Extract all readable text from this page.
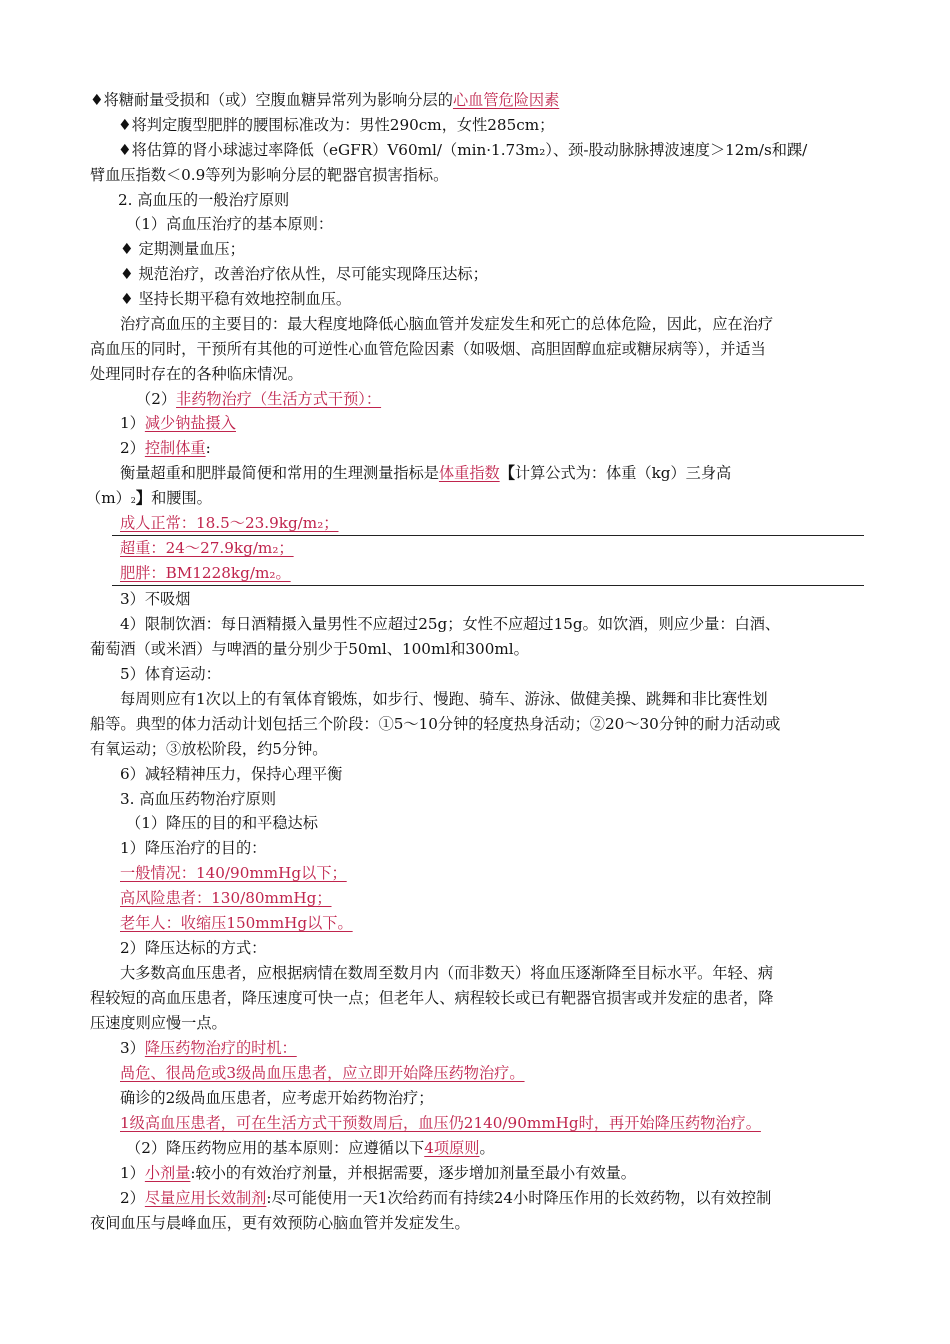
♦将糖耐量受损和（或）空腹血糖异常列为影响分层的心血管危险因素
♦将判定腹型肥胖的腰围标准改为：男性290cm，女性285cm；
♦将估算的肾小球滤过率降低（eGFR）V60ml/（min·1.73m₂）、颈-股动脉脉搏波速度＞12m/s和踝/
臂血压指数＜0.9等列为影响分层的靶器官损害指标。
2. 高血压的一般治疗原则
（1）高血压治疗的基本原则：
♦ 定期测量血压；
♦ 规范治疗，改善治疗依从性，尽可能实现降压达标；
♦ 坚持长期平稳有效地控制血压。
治疗高血压的主要目的：最大程度地降低心脑血管并发症发生和死亡的总体危险，因此，应在治疗
高血压的同时，干预所有其他的可逆性心血管危险因素（如吸烟、高胆固醇血症或糖尿病等），并适当
处理同时存在的各种临床情况。
（2）非药物治疗（生活方式干预）：
1）减少钠盐摄入
2）控制体重:
衡量超重和肥胖最简便和常用的生理测量指标是体重指数【计算公式为：体重（kg）三身高
（m）2】和腰围。
成人正常：18.5〜23.9kg/m₂；
超重：24〜27.9kg/m₂；
肥胖：BM1228kg/m₂。
3）不吸烟
4）限制饮酒：每日酒精摄入量男性不应超过25g；女性不应超过15g。如饮酒，则应少量：白酒、
葡萄酒（或米酒）与啤酒的量分别少于50ml、100ml和300ml。
5）体育运动：
每周则应有1次以上的有氧体育锻炼，如步行、慢跑、骑车、游泳、做健美操、跳舞和非比赛性划
船等。典型的体力活动计划包括三个阶段：①5〜10分钟的轻度热身活动；②20〜30分钟的耐力活动或
有氧运动；③放松阶段，约5分钟。
6）减轻精神压力，保持心理平衡
3. 高血压药物治疗原则
（1）降压的目的和平稳达标
1）降压治疗的目的：
一般情况：140/90mmHg以下；
高风险患者：130/80mmHg；
老年人：收缩压150mmHg以下。
2）降压达标的方式：
大多数高血压患者，应根据病情在数周至数月内（而非数天）将血压逐渐降至目标水平。年轻、病
程较短的高血压患者，降压速度可快一点；但老年人、病程较长或已有靶器官损害或并发症的患者，降
压速度则应慢一点。
3）降压药物治疗的时机：
咼危、很咼危或3级咼血压患者，应立即开始降压药物治疗。
确诊的2级咼血压患者，应考虑开始药物治疗；
1级高血压患者，可在生活方式干预数周后，血压仍2140/90mmHg时，再开始降压药物治疗。
（2）降压药物应用的基本原则：应遵循以下4项原则。
1）小剂量:较小的有效治疗剂量，并根据需要，逐步增加剂量至最小有效量。
2）尽量应用长效制剂:尽可能使用一天1次给药而有持续24小时降压作用的长效药物，以有效控制
夜间血压与晨峰血压，更有效预防心脑血管并发症发生。
